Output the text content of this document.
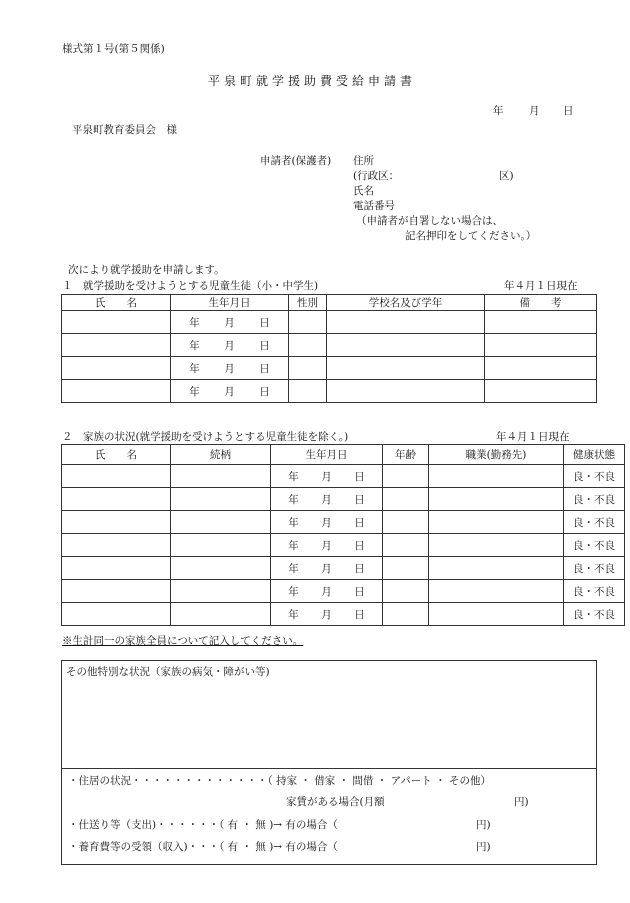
様式第１号(第５関係)
平泉町就学援助費受給申請書
年 月 日
平泉町教育委員会　様
申請者(保護者) 住所
(行政区：	区)
氏名
電話番号
（申請者が自署しない場合は、
記名押印をしてください。）
次により就学援助を申請します。
１　就学援助を受けようとする児童生徒（小・中学生)	年４月１日現在
氏　　名	生年月日	性別	学校名及び学年	備　　考

	年 月 日			

	年 月 日			

	年 月 日			

	年 月 日			

２　家族の状況(就学援助を受けようとする児童生徒を除く。)	年４月１日現在
氏　　名	続柄	生年月日	年齢	職業(勤務先)	健康状態

		年 月 日			良・不良

		年 月 日			良・不良

		年 月 日			良・不良

		年 月 日			良・不良

		年 月 日			良・不良

		年 月 日			良・不良

		年 月 日			良・不良
※生計同一の家族全員について記入してください。
その他特別な状況（家族の病気・障がい等)
・住居の状況・・・・・・・・・・・・・（ 持家 ・ 借家 ・ 間借 ・ アパート ・ その他）
家賃がある場合(月額	円)
・仕送り等（支出)・・・・・・（ 有 ・ 無 )→ 有の場合（	円)
・養育費等の受領（収入)・・・（ 有 ・ 無 )→ 有の場合（	円)
